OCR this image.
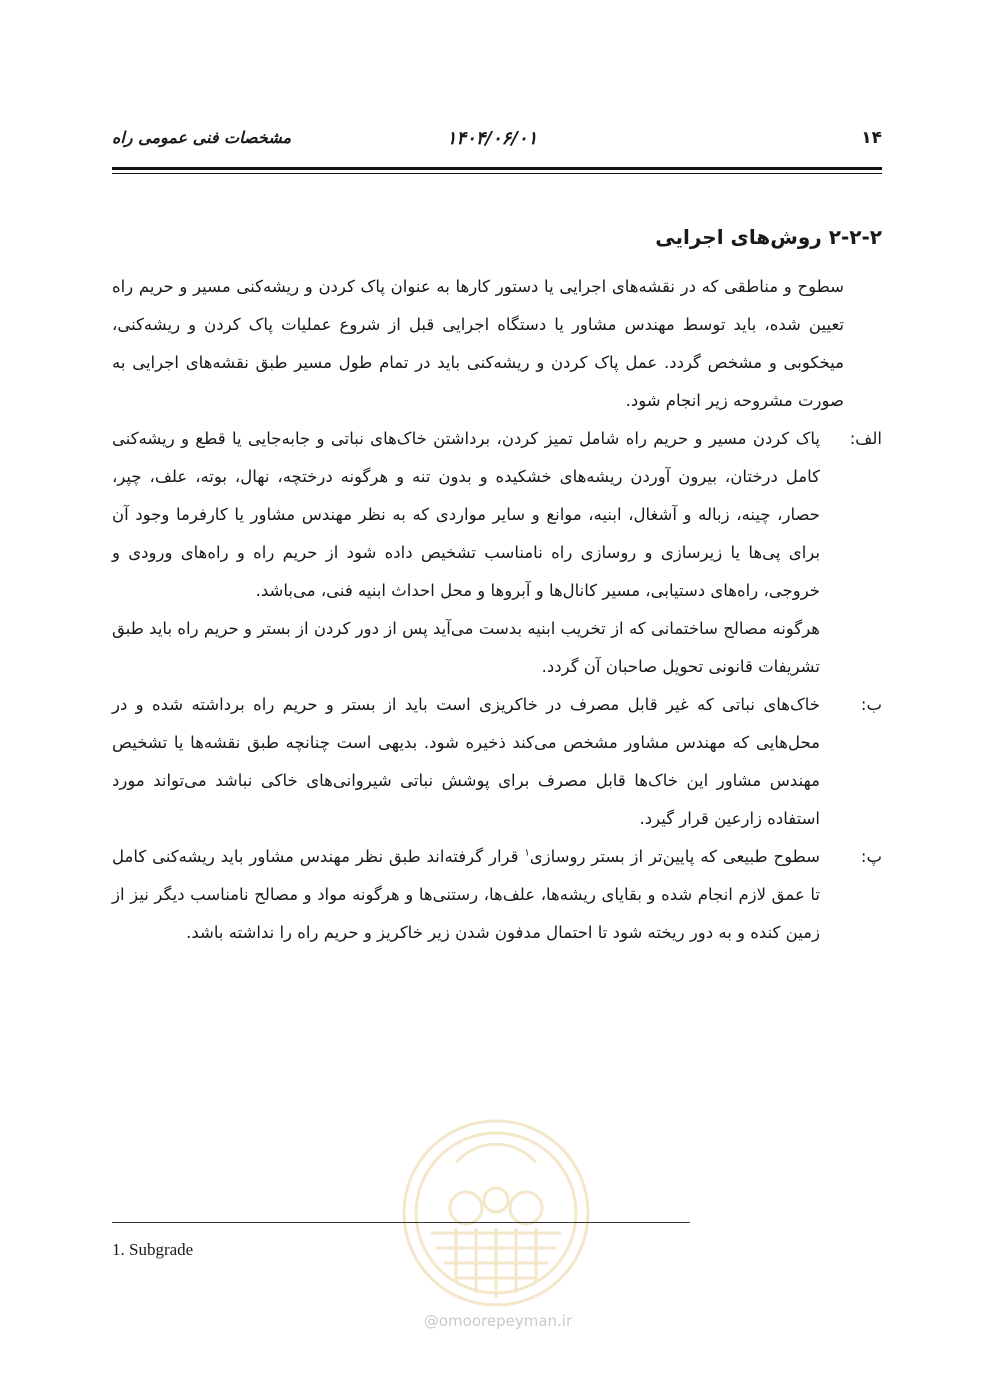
۱۴
۱۴۰۴/۰۶/۰۱
مشخصات فنی عمومی راه
۲-۲-۲ روش‌های اجرایی

سطوح و مناطقی که در نقشه‌های اجرایی یا دستور کارها به عنوان پاک کردن و ریشه‌کنی مسیر و حریم راه تعیین شده، باید توسط مهندس مشاور یا دستگاه اجرایی قبل از شروع عملیات پاک کردن و ریشه‌کنی، میخکوبی و مشخص گردد. عمل پاک کردن و ریشه‌کنی باید در تمام طول مسیر طبق نقشه‌های اجرایی به صورت مشروحه زیر انجام شود.

الف:
پاک کردن مسیر و حریم راه شامل تمیز کردن، برداشتن خاک‌های نباتی و جابه‌جایی یا قطع و ریشه‌کنی کامل درختان، بیرون آوردن ریشه‌های خشکیده و بدون تنه و هرگونه درختچه، نهال، بوته، علف، چپر، حصار، چینه، زباله و آشغال، ابنیه، موانع و سایر مواردی که به نظر مهندس مشاور یا کارفرما وجود آن برای پی‌ها یا زیرسازی و روسازی راه نامناسب تشخیص داده شود از حریم راه و راه‌های ورودی و خروجی، راه‌های دستیابی، مسیر کانال‌ها و آبروها و محل احداث ابنیه فنی، می‌باشد.
هرگونه مصالح ساختمانی که از تخریب ابنیه بدست می‌آید پس از دور کردن از بستر و حریم راه باید طبق تشریفات قانونی تحویل صاحبان آن گردد.
ب:
خاک‌های نباتی که غیر قابل مصرف در خاکریزی است باید از بستر و حریم راه برداشته شده و در محل‌هایی که مهندس مشاور مشخص می‌کند ذخیره شود. بدیهی است چنانچه طبق نقشه‌ها یا تشخیص مهندس مشاور این خاک‌ها قابل مصرف برای پوشش نباتی شیروانی‌های خاکی نباشد می‌تواند مورد استفاده زارعین قرار گیرد.
پ:
سطوح طبیعی که پایین‌تر از بستر روسازی$^۱$ قرار گرفته‌اند طبق نظر مهندس مشاور باید ریشه‌کنی کامل تا عمق لازم انجام شده و بقایای ریشه‌ها، علف‌ها، رستنی‌ها و هرگونه مواد و مصالح نامناسب دیگر نیز از زمین کنده و به دور ریخته شود تا احتمال مدفون شدن زیر خاکریز و حریم راه را نداشته باشد.
@omoorepeyman.ir
1. Subgrade
